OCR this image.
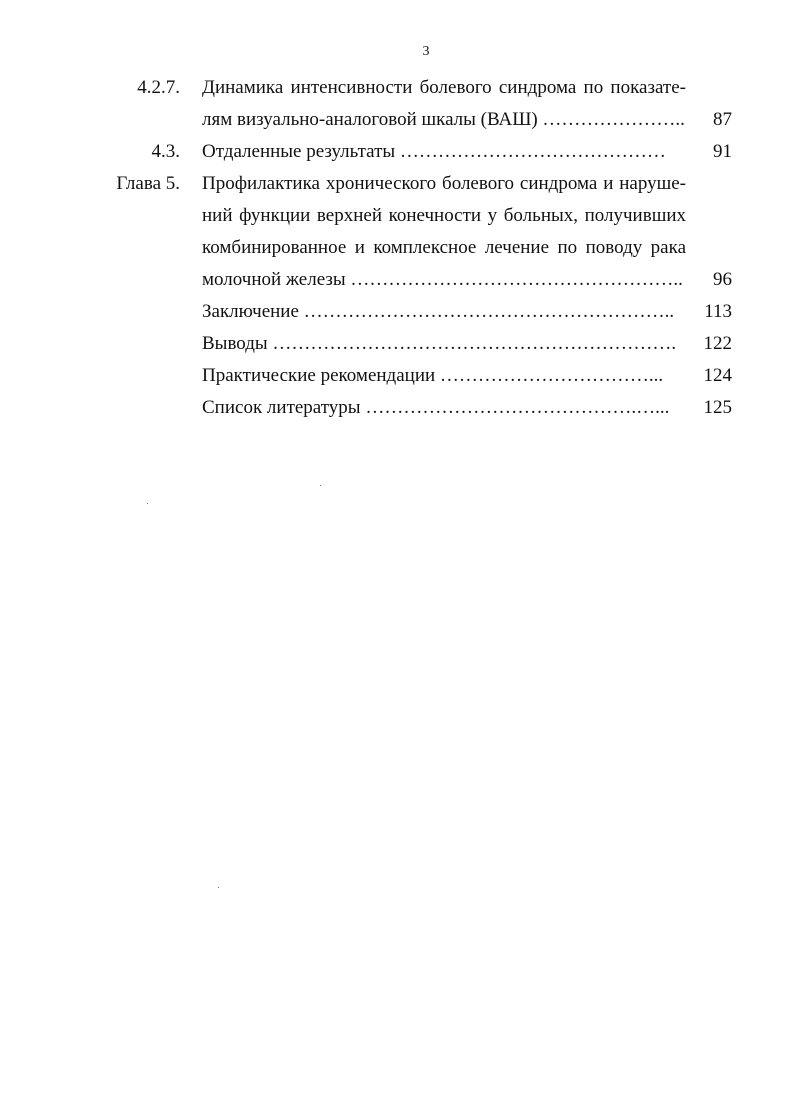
3
4.2.7. Динамика интенсивности болевого синдрома по показате-
лям визуально-аналоговой шкалы (ВАШ) ………………….. 87
4.3. Отдаленные результаты …………………………………… 91
Глава 5. Профилактика хронического болевого синдрома и наруше-
ний функции верхней конечности у больных, получивших
комбинированное и комплексное лечение по поводу рака
молочной железы …………………………………………….. 96
Заключение ………………………………………………….. 113
Выводы ………………………………………………………. 122
Практические рекомендации ……………………………... 124
Список литературы …………………………………….…... 125
